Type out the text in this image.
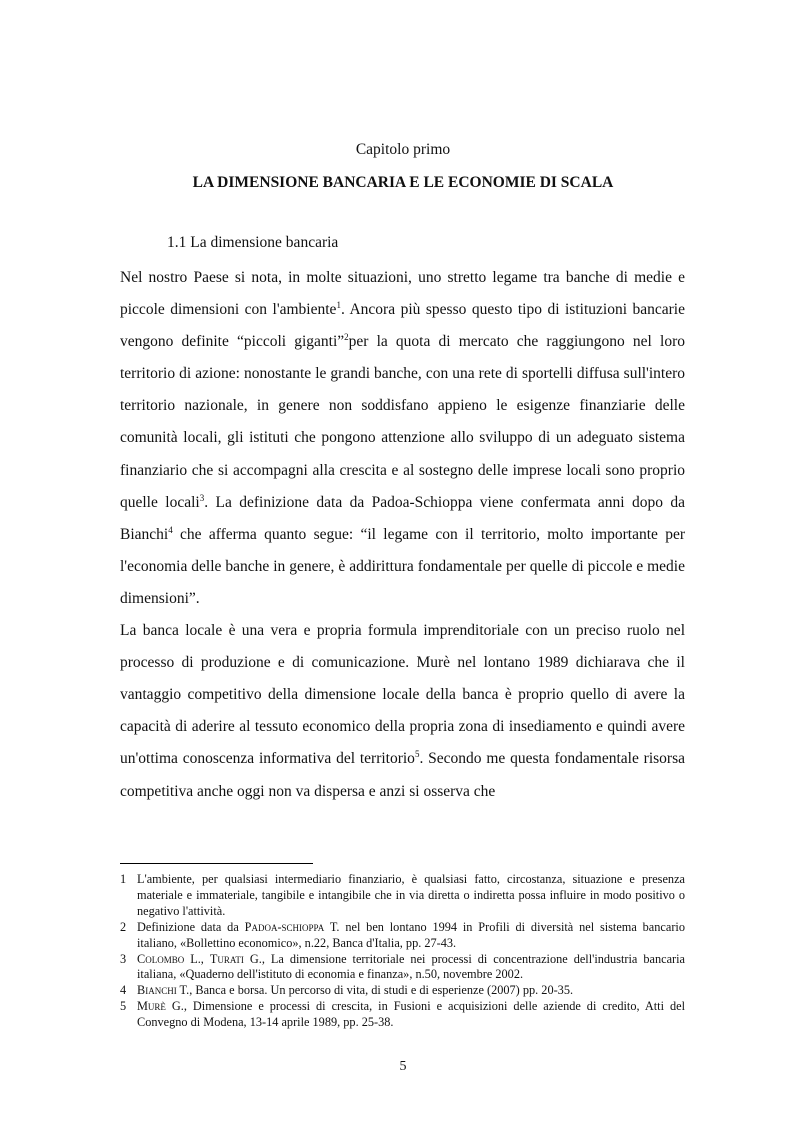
Capitolo primo
LA DIMENSIONE BANCARIA E LE ECONOMIE DI SCALA
1.1 La dimensione bancaria

Nel nostro Paese si nota, in molte situazioni, uno stretto legame tra banche di medie e piccole dimensioni con l'ambiente$^1$. Ancora più spesso questo tipo di istituzioni bancarie vengono definite “piccoli giganti”$^2$per la quota di mercato che raggiungono nel loro territorio di azione: nonostante le grandi banche, con una rete di sportelli diffusa sull'intero territorio nazionale, in genere non soddisfano appieno le esigenze finanziarie delle comunità locali, gli istituti che pongono attenzione allo sviluppo di un adeguato sistema finanziario che si accompagni alla crescita e al sostegno delle imprese locali sono proprio quelle locali$^3$. La definizione data da Padoa-Schioppa viene confermata anni dopo da Bianchi$^4$ che afferma quanto segue: “il legame con il territorio, molto importante per l'economia delle banche in genere, è addirittura fondamentale per quelle di piccole e medie dimensioni”.

La banca locale è una vera e propria formula imprenditoriale con un preciso ruolo nel processo di produzione e di comunicazione. Murè nel lontano 1989 dichiarava che il vantaggio competitivo della dimensione locale della banca è proprio quello di avere la capacità di aderire al tessuto economico della propria zona di insediamento e quindi avere un'ottima conoscenza informativa del territorio$^5$. Secondo me questa fondamentale risorsa competitiva anche oggi non va dispersa e anzi si osserva che

1 L'ambiente, per qualsiasi intermediario finanziario, è qualsiasi fatto, circostanza, situazione e presenza materiale e immateriale, tangibile e intangibile che in via diretta o indiretta possa influire in modo positivo o negativo l'attività.
2 Definizione data da Padoa-schioppa T. nel ben lontano 1994 in Profili di diversità nel sistema bancario italiano, «Bollettino economico», n.22, Banca d'Italia, pp. 27-43.
3 Colombo L., Turati G., La dimensione territoriale nei processi di concentrazione dell'industria bancaria italiana, «Quaderno dell'istituto di economia e finanza», n.50, novembre 2002.
4 Bianchi T., Banca e borsa. Un percorso di vita, di studi e di esperienze (2007) pp. 20-35.
5 Murè G., Dimensione e processi di crescita, in Fusioni e acquisizioni delle aziende di credito, Atti del Convegno di Modena, 13-14 aprile 1989, pp. 25-38.
5
